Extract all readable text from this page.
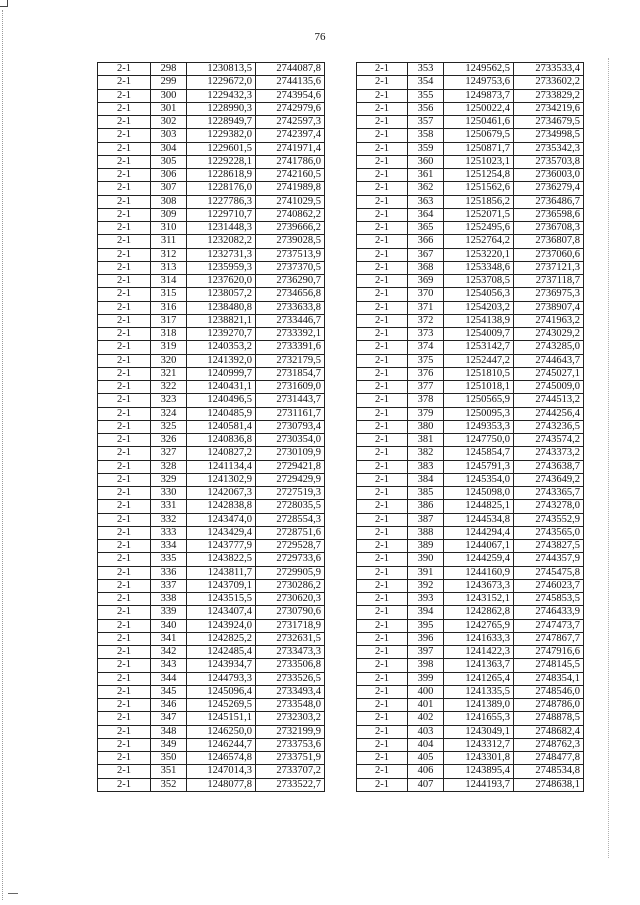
76
2-1	298	1230813,5	2744087,8
2-1	299	1229672,0	2744135,6
2-1	300	1229432,3	2743954,6
2-1	301	1228990,3	2742979,6
2-1	302	1228949,7	2742597,3
2-1	303	1229382,0	2742397,4
2-1	304	1229601,5	2741971,4
2-1	305	1229228,1	2741786,0
2-1	306	1228618,9	2742160,5
2-1	307	1228176,0	2741989,8
2-1	308	1227786,3	2741029,5
2-1	309	1229710,7	2740862,2
2-1	310	1231448,3	2739666,2
2-1	311	1232082,2	2739028,5
2-1	312	1232731,3	2737513,9
2-1	313	1235959,3	2737370,5
2-1	314	1237620,0	2736290,7
2-1	315	1238057,2	2734656,8
2-1	316	1238480,8	2733633,8
2-1	317	1238821,1	2733446,7
2-1	318	1239270,7	2733392,1
2-1	319	1240353,2	2733391,6
2-1	320	1241392,0	2732179,5
2-1	321	1240999,7	2731854,7
2-1	322	1240431,1	2731609,0
2-1	323	1240496,5	2731443,7
2-1	324	1240485,9	2731161,7
2-1	325	1240581,4	2730793,4
2-1	326	1240836,8	2730354,0
2-1	327	1240827,2	2730109,9
2-1	328	1241134,4	2729421,8
2-1	329	1241302,9	2729429,9
2-1	330	1242067,3	2727519,3
2-1	331	1242838,8	2728035,5
2-1	332	1243474,0	2728554,3
2-1	333	1243429,4	2728751,6
2-1	334	1243777,9	2729528,7
2-1	335	1243822,5	2729733,6
2-1	336	1243811,7	2729905,9
2-1	337	1243709,1	2730286,2
2-1	338	1243515,5	2730620,3
2-1	339	1243407,4	2730790,6
2-1	340	1243924,0	2731718,9
2-1	341	1242825,2	2732631,5
2-1	342	1242485,4	2733473,3
2-1	343	1243934,7	2733506,8
2-1	344	1244793,3	2733526,5
2-1	345	1245096,4	2733493,4
2-1	346	1245269,5	2733548,0
2-1	347	1245151,1	2732303,2
2-1	348	1246250,0	2732199,9
2-1	349	1246244,7	2733753,6
2-1	350	1246574,8	2733751,9
2-1	351	1247014,3	2733707,2
2-1	352	1248077,8	2733522,7
2-1	353	1249562,5	2733533,4
2-1	354	1249753,6	2733602,2
2-1	355	1249873,7	2733829,2
2-1	356	1250022,4	2734219,6
2-1	357	1250461,6	2734679,5
2-1	358	1250679,5	2734998,5
2-1	359	1250871,7	2735342,3
2-1	360	1251023,1	2735703,8
2-1	361	1251254,8	2736003,0
2-1	362	1251562,6	2736279,4
2-1	363	1251856,2	2736486,7
2-1	364	1252071,5	2736598,6
2-1	365	1252495,6	2736708,3
2-1	366	1252764,2	2736807,8
2-1	367	1253220,1	2737060,6
2-1	368	1253348,6	2737121,3
2-1	369	1253708,5	2737118,7
2-1	370	1254056,3	2736975,3
2-1	371	1254203,2	2738907,4
2-1	372	1254138,9	2741963,2
2-1	373	1254009,7	2743029,2
2-1	374	1253142,7	2743285,0
2-1	375	1252447,2	2744643,7
2-1	376	1251810,5	2745027,1
2-1	377	1251018,1	2745009,0
2-1	378	1250565,9	2744513,2
2-1	379	1250095,3	2744256,4
2-1	380	1249353,3	2743236,5
2-1	381	1247750,0	2743574,2
2-1	382	1245854,7	2743373,2
2-1	383	1245791,3	2743638,7
2-1	384	1245354,0	2743649,2
2-1	385	1245098,0	2743365,7
2-1	386	1244825,1	2743278,0
2-1	387	1244534,8	2743552,9
2-1	388	1244294,4	2743565,0
2-1	389	1244067,1	2743827,5
2-1	390	1244259,4	2744357,9
2-1	391	1244160,9	2745475,8
2-1	392	1243673,3	2746023,7
2-1	393	1243152,1	2745853,5
2-1	394	1242862,8	2746433,9
2-1	395	1242765,9	2747473,7
2-1	396	1241633,3	2747867,7
2-1	397	1241422,3	2747916,6
2-1	398	1241363,7	2748145,5
2-1	399	1241265,4	2748354,1
2-1	400	1241335,5	2748546,0
2-1	401	1241389,0	2748786,0
2-1	402	1241655,3	2748878,5
2-1	403	1243049,1	2748682,4
2-1	404	1243312,7	2748762,3
2-1	405	1243301,8	2748477,8
2-1	406	1243895,4	2748534,8
2-1	407	1244193,7	2748638,1
